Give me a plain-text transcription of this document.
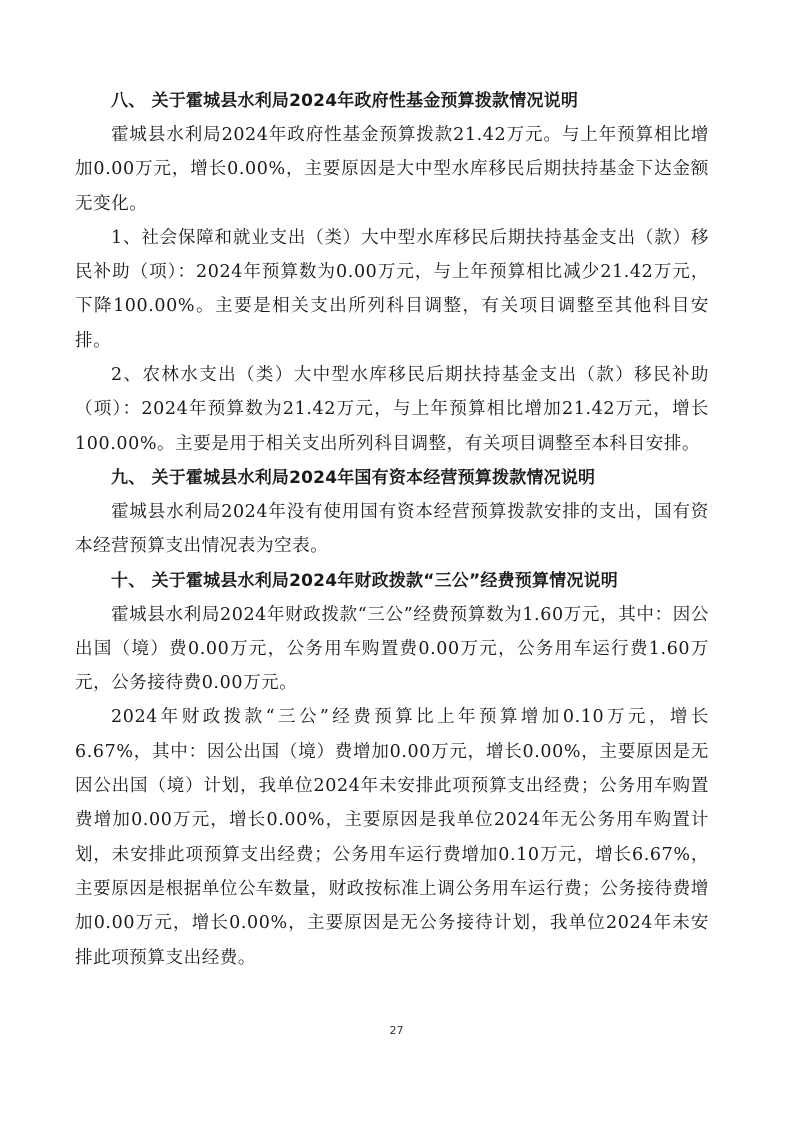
八、 关于霍城县水利局2024年政府性基金预算拨款情况说明

霍城县水利局2024年政府性基金预算拨款21.42万元。与上年预算相比增加0.00万元，增长0.00%，主要原因是大中型水库移民后期扶持基金下达金额无变化。

1、社会保障和就业支出（类）大中型水库移民后期扶持基金支出（款）移民补助（项）：2024年预算数为0.00万元，与上年预算相比减少21.42万元，下降100.00%。主要是相关支出所列科目调整，有关项目调整至其他科目安排。

2、农林水支出（类）大中型水库移民后期扶持基金支出（款）移民补助（项）：2024年预算数为21.42万元，与上年预算相比增加21.42万元，增长100.00%。主要是用于相关支出所列科目调整，有关项目调整至本科目安排。

九、 关于霍城县水利局2024年国有资本经营预算拨款情况说明

霍城县水利局2024年没有使用国有资本经营预算拨款安排的支出，国有资本经营预算支出情况表为空表。

十、 关于霍城县水利局2024年财政拨款“三公”经费预算情况说明

霍城县水利局2024年财政拨款“三公”经费预算数为1.60万元，其中：因公出国（境）费0.00万元，公务用车购置费0.00万元，公务用车运行费1.60万元，公务接待费0.00万元。

2024年财政拨款“三公”经费预算比上年预算增加0.10万元，增长6.67%，其中：因公出国（境）费增加0.00万元，增长0.00%，主要原因是无因公出国（境）计划，我单位2024年未安排此项预算支出经费；公务用车购置费增加0.00万元，增长0.00%，主要原因是我单位2024年无公务用车购置计划，未安排此项预算支出经费；公务用车运行费增加0.10万元，增长6.67%，主要原因是根据单位公车数量，财政按标准上调公务用车运行费；公务接待费增加0.00万元，增长0.00%，主要原因是无公务接待计划，我单位2024年未安排此项预算支出经费。

27
